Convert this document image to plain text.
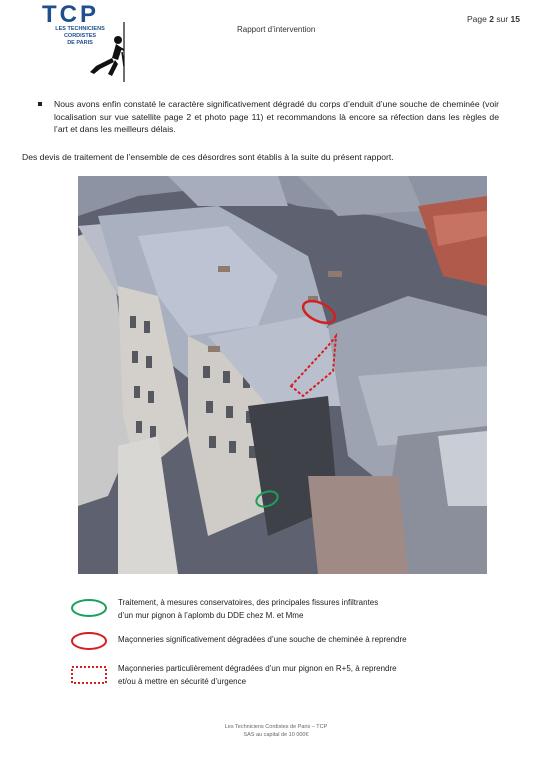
TCP
LES TECHNICIENS
CORDISTES
DE PARIS
Rapport d’intervention
Page 2 sur 15
Nous avons enfin constaté le caractère significativement dégradé du corps d’enduit d’une souche de cheminée (voir localisation sur vue satellite page 2 et photo page 11) et recommandons là encore sa réfection dans les règles de l’art et dans les meilleurs délais.
Des devis de traitement de l’ensemble de ces désordres sont établis à la suite du présent rapport.
Traitement, à mesures conservatoires, des principales fissures infiltrantes
d’un mur pignon à l’aplomb du DDE chez M. et Mme
Maçonneries significativement dégradées d’une souche de cheminée à reprendre
Maçonneries particulièrement dégradées d’un mur pignon en R+5, à reprendre
et/ou à mettre en sécurité d’urgence
Les Techniciens Cordistes de Paris – TCP
SAS au capital de 10 000€
